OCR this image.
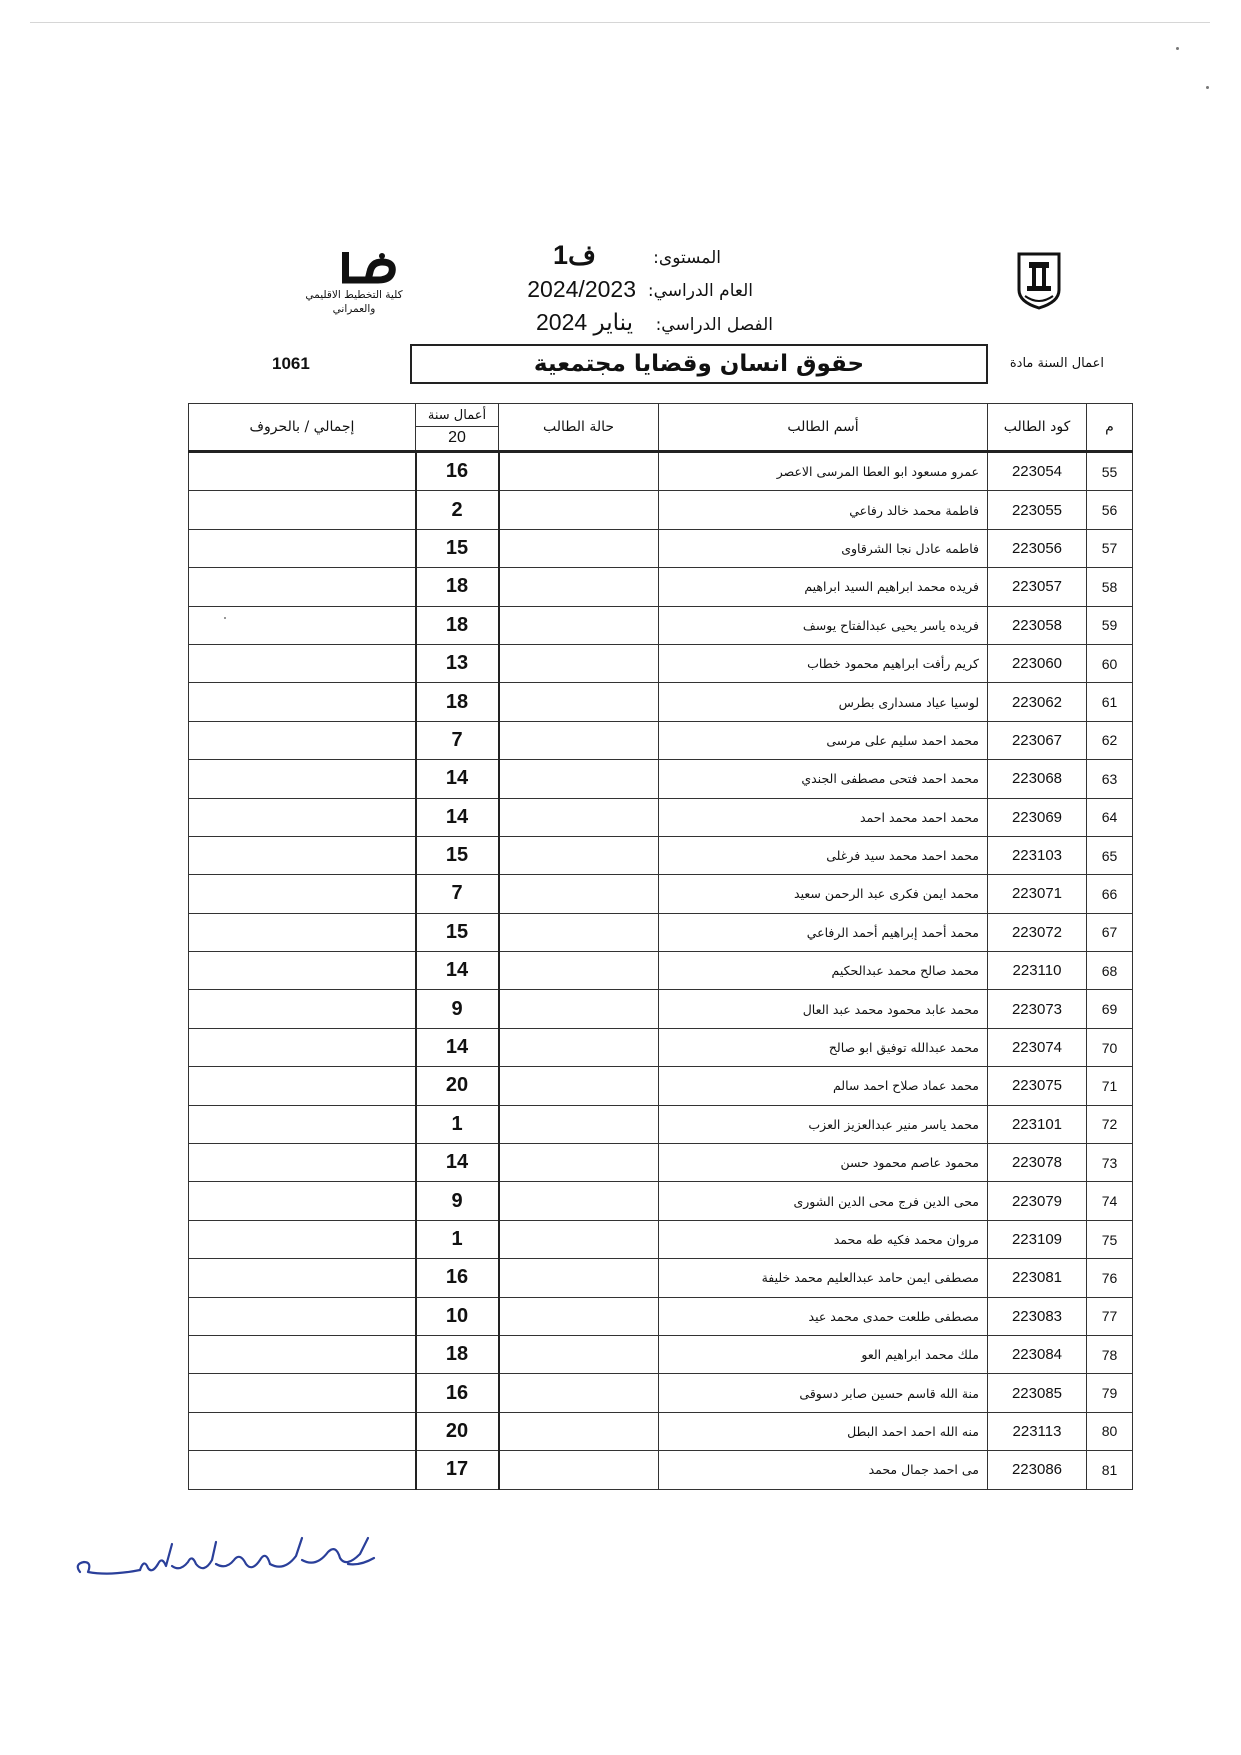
كلية التخطيط الاقليمي والعمراني
المستوى:
ف1
العام الدراسي:
2024/2023
الفصل الدراسي:
يناير 2024
حقوق انسان وقضايا مجتمعية
1061	اعمال السنة مادة
إجمالي / بالحروف	أعمال سنة
20	حالة الطالب	أسم الطالب	كود الطالب	م
	16		عمرو مسعود ابو العطا المرسى الاعصر	223054	55
	2		فاطمة محمد خالد رفاعي	223055	56
	15		فاطمه عادل نجا الشرقاوى	223056	57
	18		فريده محمد ابراهيم السيد ابراهيم	223057	58
	18		فريده ياسر يحيى عبدالفتاح يوسف	223058	59
	13		كريم رأفت ابراهيم محمود خطاب	223060	60
	18		لوسيا عياد مسدارى بطرس	223062	61
	7		محمد احمد سليم على مرسى	223067	62
	14		محمد احمد فتحى مصطفى الجندي	223068	63
	14		محمد احمد محمد احمد	223069	64
	15		محمد احمد محمد سيد فرغلى	223103	65
	7		محمد ايمن فكرى عبد الرحمن سعيد	223071	66
	15		محمد أحمد إبراهيم أحمد الرفاعي	223072	67
	14		محمد صالح محمد عبدالحكيم	223110	68
	9		محمد عابد محمود محمد عبد العال	223073	69
	14		محمد عبدالله توفيق ابو صالح	223074	70
	20		محمد عماد صلاح احمد سالم	223075	71
	1		محمد ياسر منير عبدالعزيز العزب	223101	72
	14		محمود عاصم محمود حسن	223078	73
	9		محى الدين فرج محى الدين الشورى	223079	74
	1		مروان محمد فكيه طه محمد	223109	75
	16		مصطفى ايمن حامد عبدالعليم محمد خليفة	223081	76
	10		مصطفى طلعت حمدى محمد عيد	223083	77
	18		ملك محمد ابراهيم العو	223084	78
	16		منة الله قاسم حسين صابر دسوقى	223085	79
	20		منه الله احمد احمد البطل	223113	80
	17		مى احمد جمال محمد	223086	81
